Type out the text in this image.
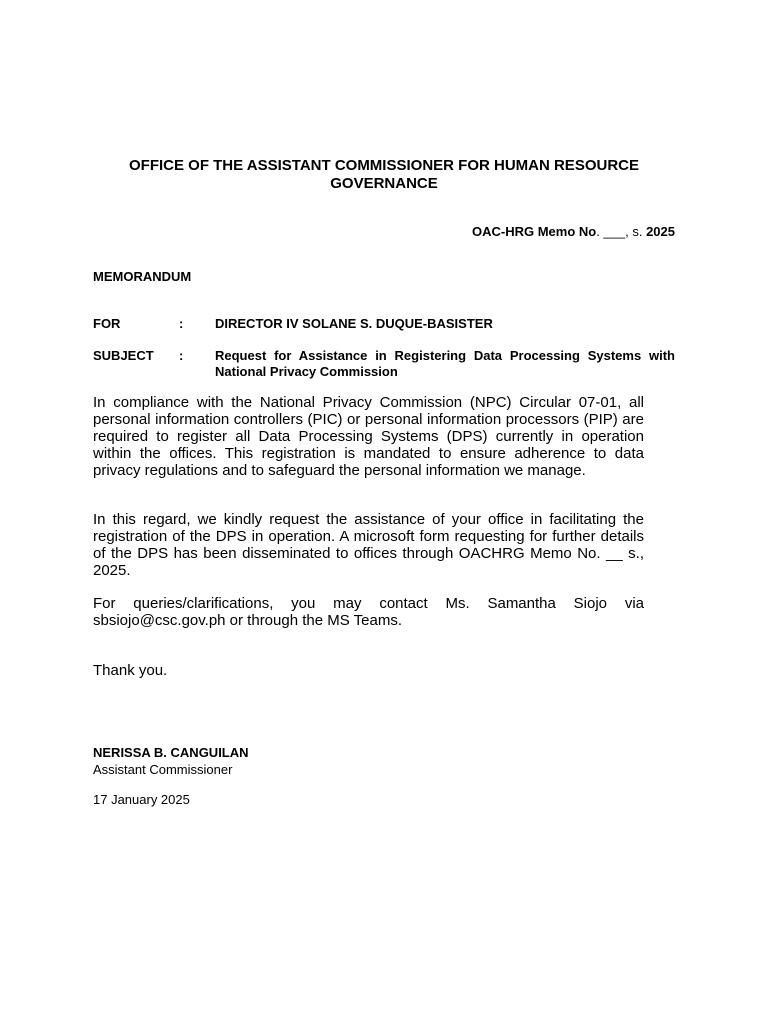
OFFICE OF THE ASSISTANT COMMISSIONER FOR HUMAN RESOURCE GOVERNANCE
OAC-HRG Memo No. ___, s. 2025
MEMORANDUM
FOR	: DIRECTOR IV SOLANE S. DUQUE-BASISTER
SUBJECT : Request for Assistance in Registering Data Processing Systems with National Privacy Commission

In compliance with the National Privacy Commission (NPC) Circular 07-01, all personal information controllers (PIC) or personal information processors (PIP) are required to register all Data Processing Systems (DPS) currently in operation within the offices. This registration is mandated to ensure adherence to data privacy regulations and to safeguard the personal information we manage.

In this regard, we kindly request the assistance of your office in facilitating the registration of the DPS in operation. A microsoft form requesting for further details of the DPS has been disseminated to offices through OACHRG Memo No. __ s., 2025.

For queries/clarifications, you may contact Ms. Samantha Siojo via sbsiojo@csc.gov.ph or through the MS Teams.

Thank you.
NERISSA B. CANGUILAN
Assistant Commissioner
17 January 2025
